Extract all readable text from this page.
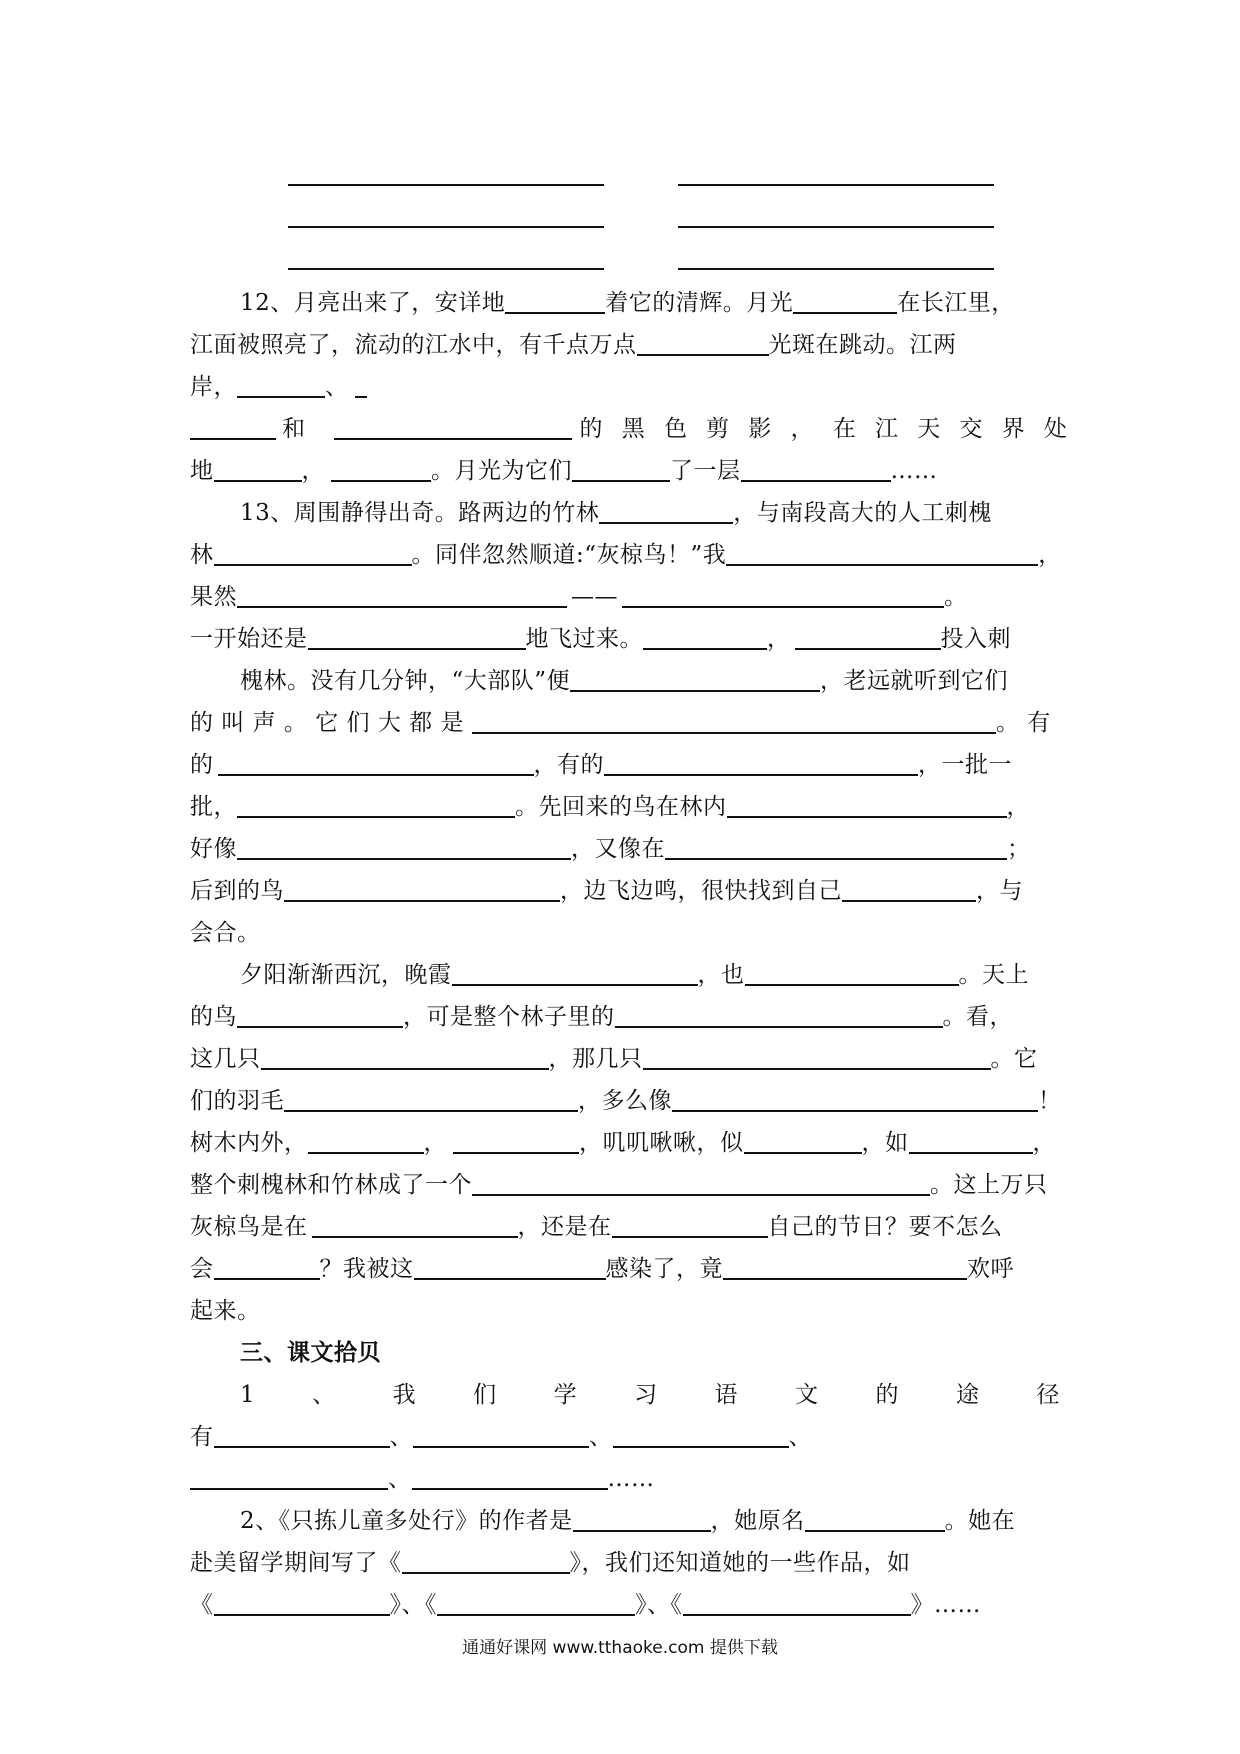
12、月亮出来了，安详地	着它的清辉。月光	在长江里，
江面被照亮了，流动的江水中，有千点万点	光斑在跳动。江两
岸，	、
和	的 黑 色 剪 影 ， 在 江 天 交 界 处
地	，	。月光为它们	了一层	……
13、周围静得出奇。路两边的竹林	，与南段高大的人工刺槐
林	。同伴忽然顺道:“灰椋鸟！”我	，
果然	——	。
一开始还是	地飞过来。	，	投入刺
槐林。没有几分钟，“大部队”便	，老远就听到它们
的 叫 声 。 它 们 大 都 是	。 有
的	，有的	，一批一
批，	。先回来的鸟在林内	，
好像	，又像在	；
后到的鸟	，边飞边鸣，很快找到自己	，与
会合。
夕阳渐渐西沉，晚霞	，也	。天上
的鸟	，可是整个林子里的	。看，
这几只	，那几只	。它
们的羽毛	，多么像	！
树木内外，	，	，叽叽啾啾，似	，如	，
整个刺槐林和竹林成了一个	。这上万只
灰椋鸟是在	，还是在	自己的节日？要不怎么
会	？我被这	感染了，竟	欢呼
起来。
三、课文拾贝
1 、 我 们 学 习 语 文 的 途 径
有	、	、	、
、	……
2、《只拣儿童多处行》的作者是	，她原名	。她在
赴美留学期间写了《	》，我们还知道她的一些作品，如
《	》、《	》、《	》……
通通好课网 www.tthaoke.com 提供下载
